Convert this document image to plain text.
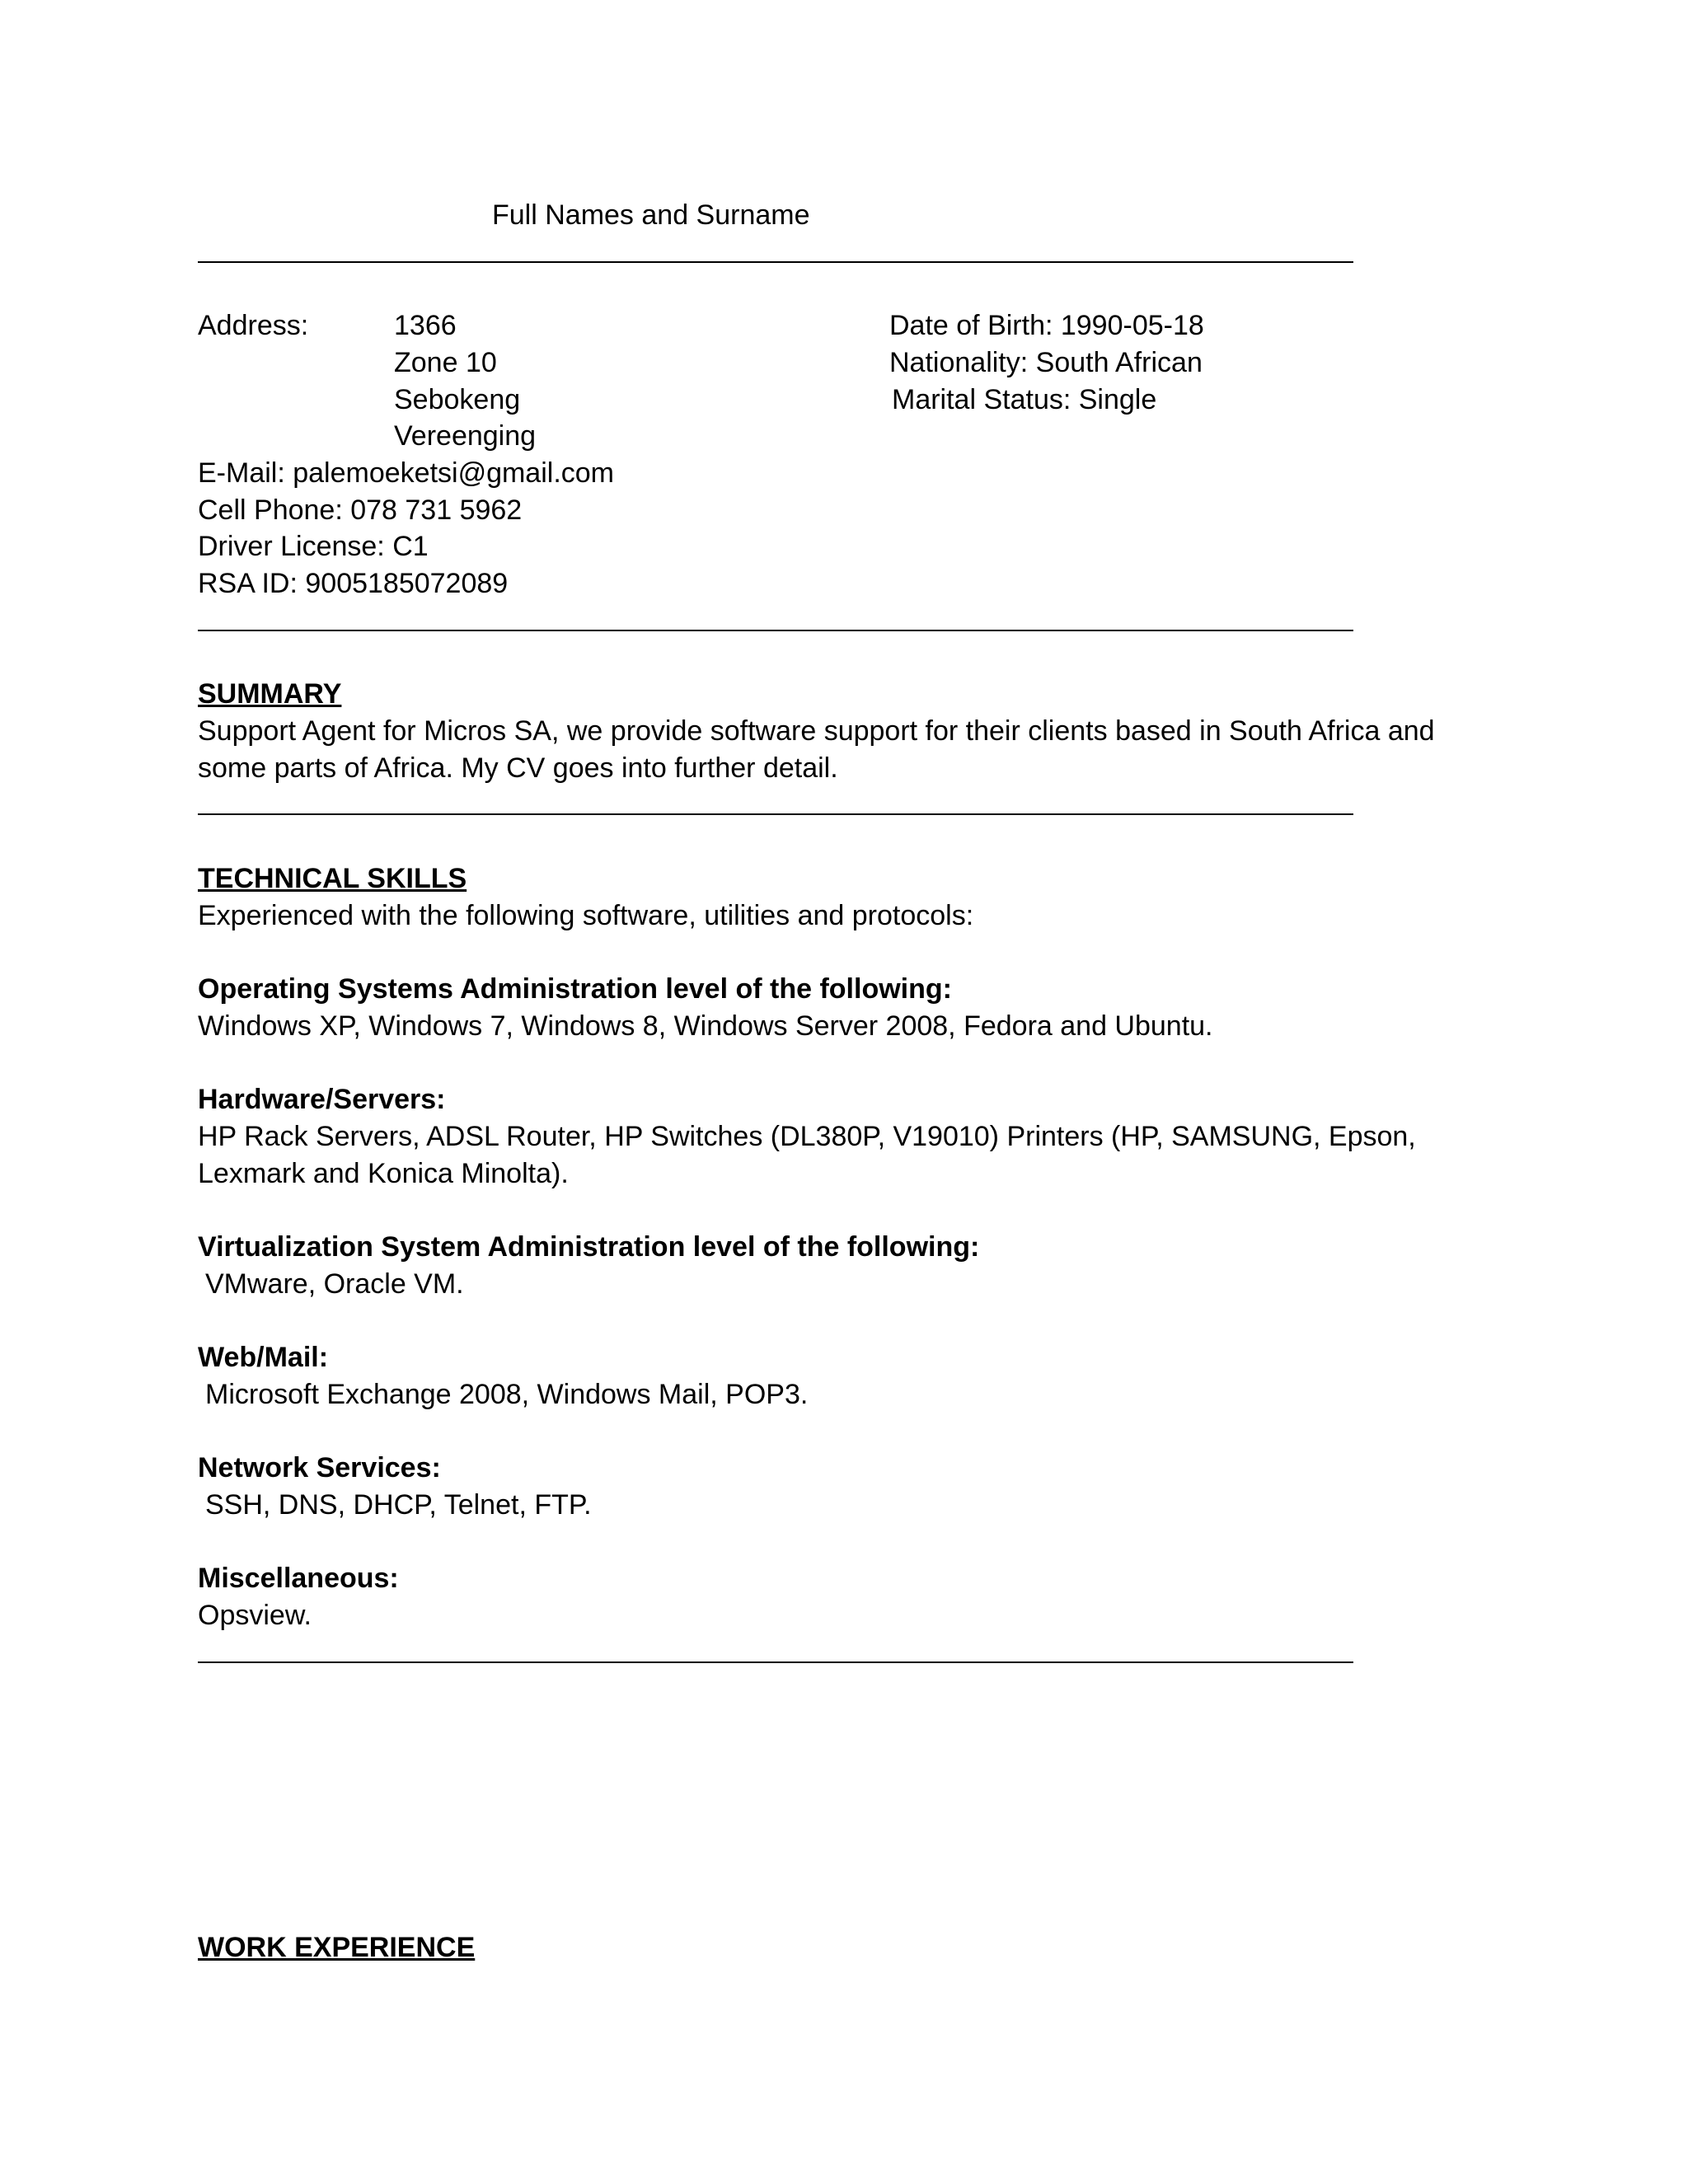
Full Names and Surname
Address:	1366
Zone 10
Sebokeng
Vereenging
E-Mail: palemoeketsi@gmail.com
Cell Phone: 078 731 5962
Driver License: C1
RSA ID: 9005185072089
Date of Birth: 1990-05-18
Nationality: South African
Marital Status: Single
SUMMARY
Support Agent for Micros SA, we provide software support for their clients based in South Africa and some parts of Africa. My CV goes into further detail.
TECHNICAL SKILLS
Experienced with the following software, utilities and protocols:
Operating Systems Administration level of the following:
Windows XP, Windows 7, Windows 8, Windows Server 2008, Fedora and Ubuntu.
Hardware/Servers:
HP Rack Servers, ADSL Router, HP Switches (DL380P, V19010) Printers (HP, SAMSUNG, Epson, Lexmark and Konica Minolta).
Virtualization System Administration level of the following:
VMware, Oracle VM.
Web/Mail:
Microsoft Exchange 2008, Windows Mail, POP3.
Network Services:
SSH, DNS, DHCP, Telnet, FTP.
Miscellaneous:
Opsview.
WORK EXPERIENCE
